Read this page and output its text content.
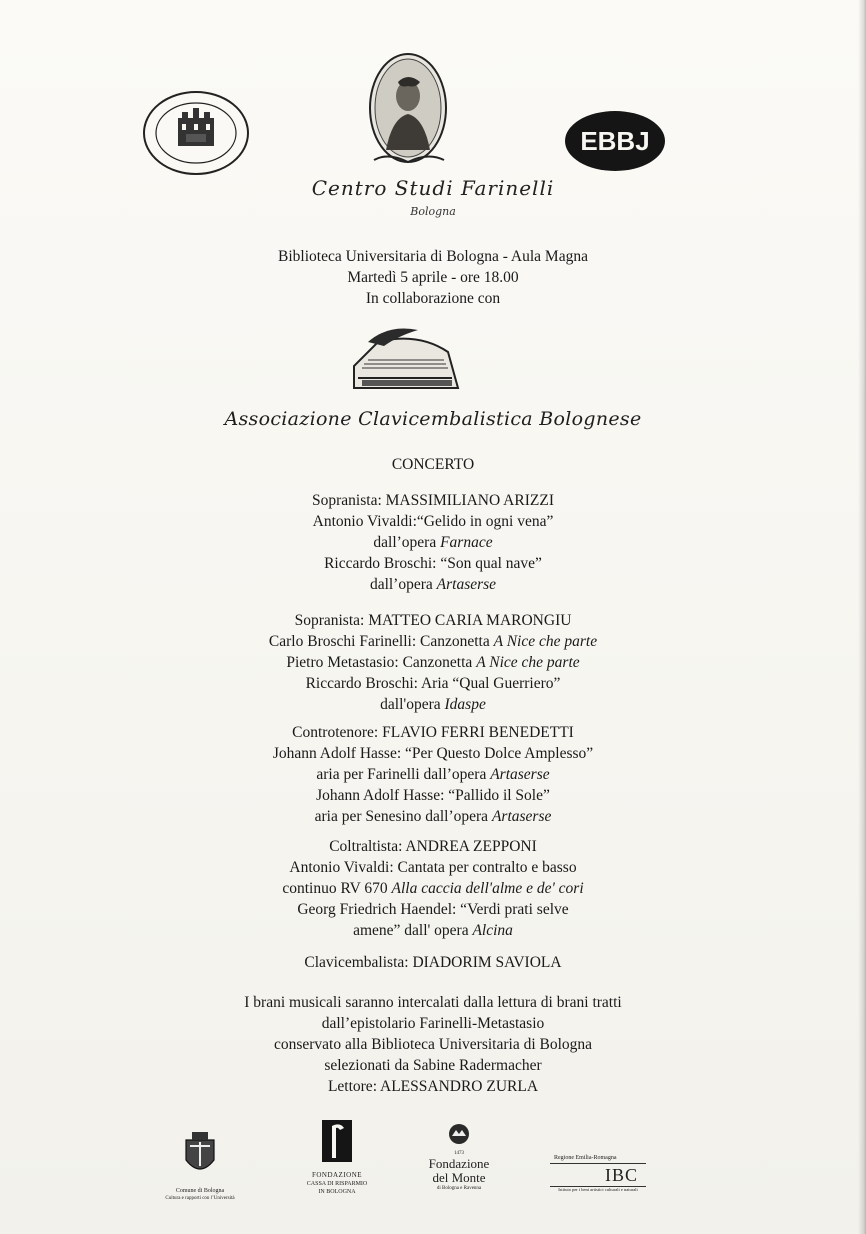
EBBJ
Centro Studi Farinelli
Bologna
Biblioteca Universitaria di Bologna - Aula Magna
Martedì 5 aprile - ore 18.00
In collaborazione con
Associazione Clavicembalistica Bolognese
CONCERTO
Sopranista: MASSIMILIANO ARIZZI
Antonio Vivaldi:“Gelido in ogni vena”
dall’opera Farnace
Riccardo Broschi: “Son qual nave”
dall’opera Artaserse
Sopranista: MATTEO CARIA MARONGIU
Carlo Broschi Farinelli: Canzonetta A Nice che parte
Pietro Metastasio: Canzonetta A Nice che parte
Riccardo Broschi: Aria “Qual Guerriero”
dall'opera Idaspe
Controtenore: FLAVIO FERRI BENEDETTI
Johann Adolf Hasse: “Per Questo Dolce Amplesso”
aria per Farinelli dall’opera Artaserse
Johann Adolf Hasse: “Pallido il Sole”
aria per Senesino dall’opera Artaserse
Coltraltista: ANDREA ZEPPONI
Antonio Vivaldi: Cantata per contralto e basso
continuo RV 670 Alla caccia dell'alme e de' cori
Georg Friedrich Haendel: “Verdi prati selve
amene” dall' opera Alcina
Clavicembalista: DIADORIM SAVIOLA
I brani musicali saranno intercalati dalla lettura di brani tratti
dall’epistolario Farinelli-Metastasio
conservato alla Biblioteca Universitaria di Bologna
selezionati da Sabine Radermacher
Lettore: ALESSANDRO ZURLA
Comune di Bologna
Cultura e rapporti con l’Università
FONDAZIONE
CASSA DI RISPARMIO
IN BOLOGNA
1473
Fondazione
del Monte
di Bologna e Ravenna
Regione Emilia-Romagna
IBC
Istituto per i beni artistici culturali e naturali
